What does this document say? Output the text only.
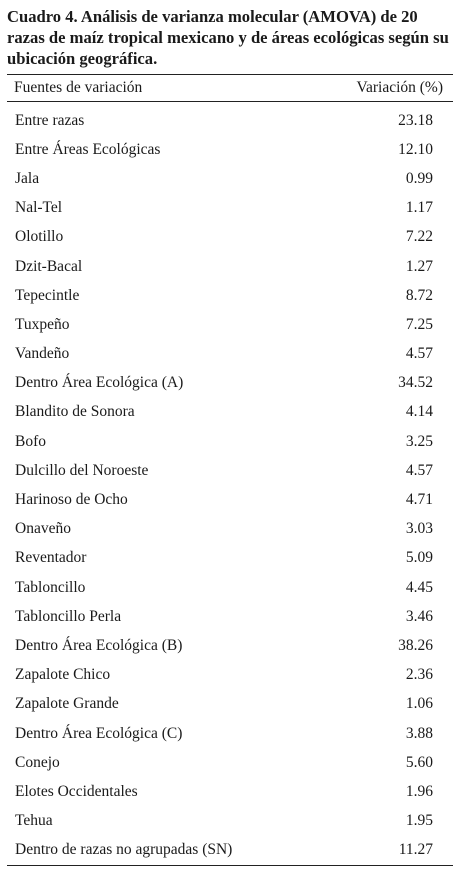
Cuadro 4. Análisis de varianza molecular (AMOVA) de 20 razas de maíz tropical mexicano y de áreas ecológicas según su ubicación geográfica.

Fuentes de variación	Variación (%)
Entre razas	23.18
Entre Áreas Ecológicas	12.10
Jala	0.99
Nal-Tel	1.17
Olotillo	7.22
Dzit-Bacal	1.27
Tepecintle	8.72
Tuxpeño	7.25
Vandeño	4.57
Dentro Área Ecológica (A)	34.52
Blandito de Sonora	4.14
Bofo	3.25
Dulcillo del Noroeste	4.57
Harinoso de Ocho	4.71
Onaveño	3.03
Reventador	5.09
Tabloncillo	4.45
Tabloncillo Perla	3.46
Dentro Área Ecológica (B)	38.26
Zapalote Chico	2.36
Zapalote Grande	1.06
Dentro Área Ecológica (C)	3.88
Conejo	5.60
Elotes Occidentales	1.96
Tehua	1.95
Dentro de razas no agrupadas (SN)	11.27
